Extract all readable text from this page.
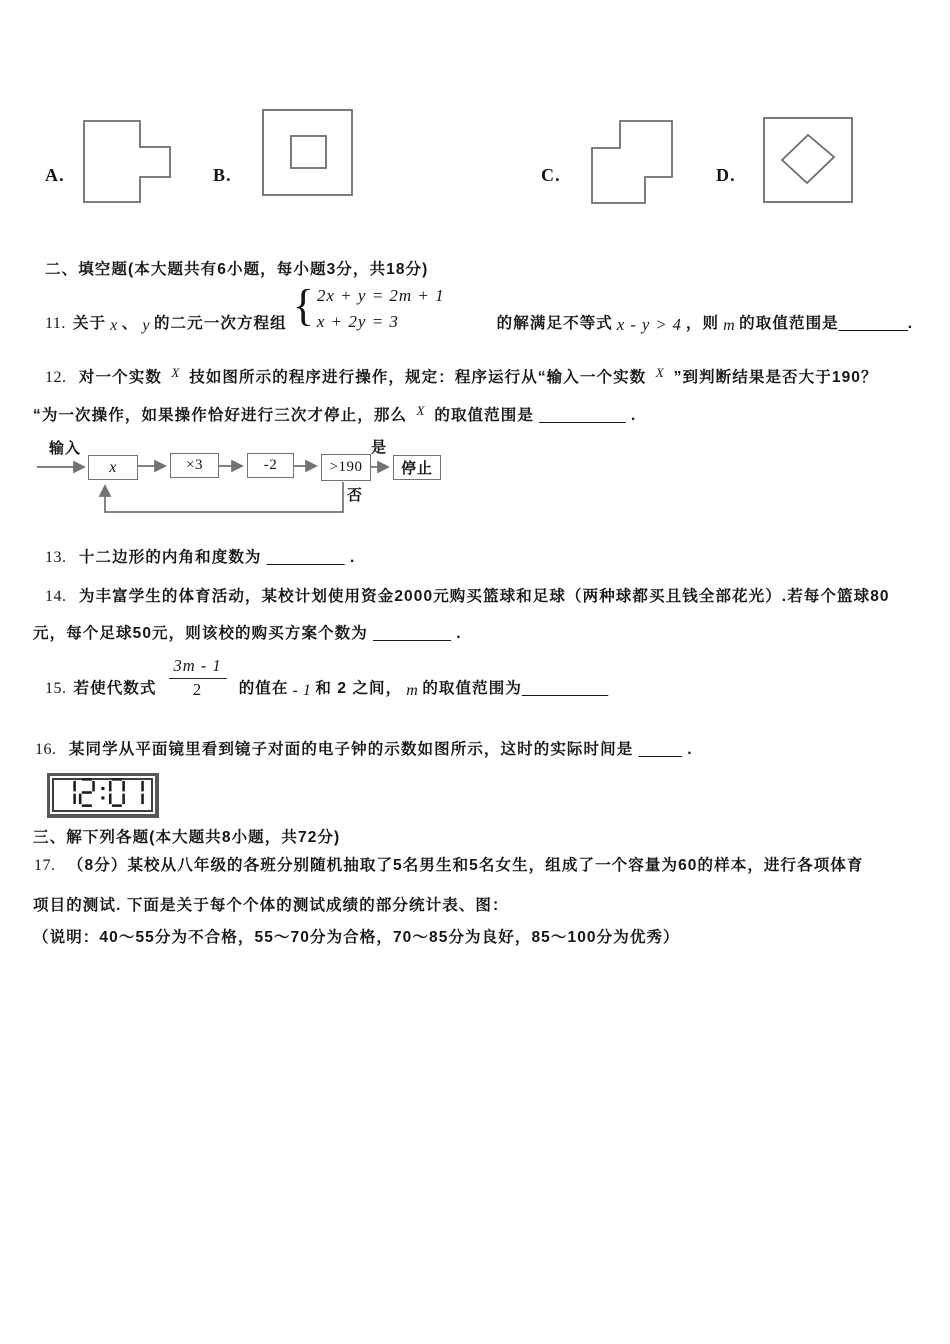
A.	B.	C.	D.
二、填空题(本大题共有6小题，每小题3分，共18分)
11. 关于 x 、 y 的二元一次方程组 { 2x + y = 2m + 1
x + 2y = 3	的解满足不等式 x - y > 4 ，则 m 的取值范围是 ________ .
12. 对一个实数 $^X$ 技如图所示的程序进行操作，规定：程序运行从“输入一个实数 $^X$ ”到判断结果是否大于190？
“为一次操作，如果操作恰好进行三次才停止，那么 $^X$ 的取值范围是 __________ .
输入
x	×3	-2	>190	停止
是
否
13. 十二边形的内角和度数为 _________ .
14. 为丰富学生的体育活动，某校计划使用资金2000元购买篮球和足球（两种球都买且钱全部花光）.若每个篮球80
元，每个足球50元，则该校的购买方案个数为 _________ .
15. 若使代数式 $\frac{3m - 1}{2}$ 的值在 - 1 和 2 之间， m 的取值范围为 __________
16. 某同学从平面镜里看到镜子对面的电子钟的示数如图所示，这时的实际时间是 _____ .
三、解下列各题(本大题共8小题，共72分)
17. （8分）某校从八年级的各班分别随机抽取了5名男生和5名女生，组成了一个容量为60的样本，进行各项体育
项目的测试. 下面是关于每个个体的测试成绩的部分统计表、图：
（说明：40～55分为不合格，55～70分为合格，70～85分为良好，85～100分为优秀）
